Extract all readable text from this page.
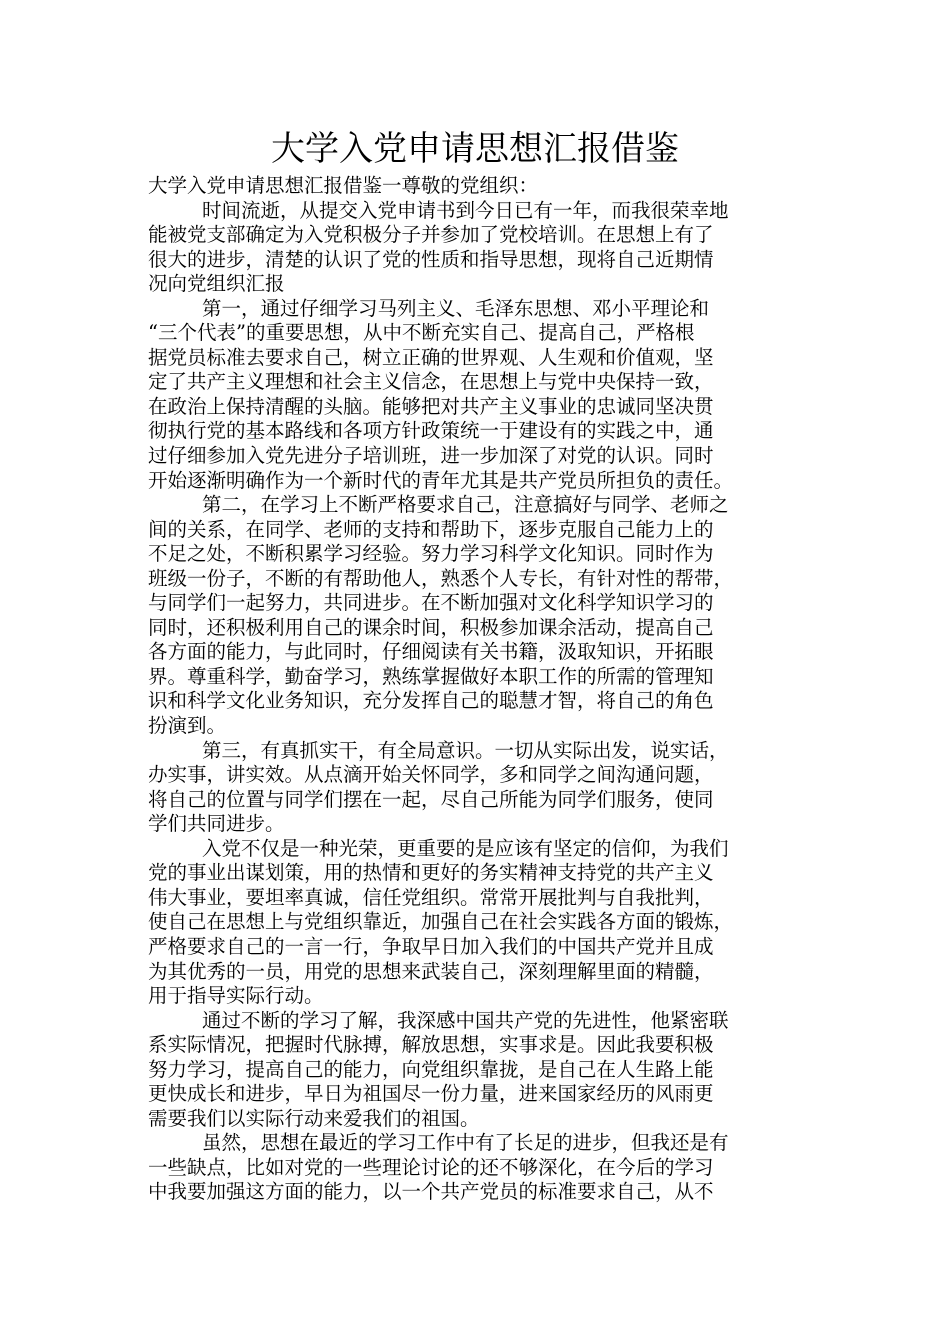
大学入党申请思想汇报借鉴
大学入党申请思想汇报借鉴一尊敬的党组织：
时间流逝，从提交入党申请书到今日已有一年，而我很荣幸地
能被党支部确定为入党积极分子并参加了党校培训。在思想上有了
很大的进步，清楚的认识了党的性质和指导思想，现将自己近期情
况向党组织汇报
第一，通过仔细学习马列主义、毛泽东思想、邓小平理论和
“三个代表”的重要思想，从中不断充实自己、提高自己，严格根
据党员标准去要求自己，树立正确的世界观、人生观和价值观，坚
定了共产主义理想和社会主义信念，在思想上与党中央保持一致，
在政治上保持清醒的头脑。能够把对共产主义事业的忠诚同坚决贯
彻执行党的基本路线和各项方针政策统一于建设有的实践之中，通
过仔细参加入党先进分子培训班，进一步加深了对党的认识。同时
开始逐渐明确作为一个新时代的青年尤其是共产党员所担负的责任。
第二，在学习上不断严格要求自己，注意搞好与同学、老师之
间的关系，在同学、老师的支持和帮助下，逐步克服自己能力上的
不足之处，不断积累学习经验。努力学习科学文化知识。同时作为
班级一份子，不断的有帮助他人，熟悉个人专长，有针对性的帮带，
与同学们一起努力，共同进步。在不断加强对文化科学知识学习的
同时，还积极利用自己的课余时间，积极参加课余活动，提高自己
各方面的能力，与此同时，仔细阅读有关书籍，汲取知识，开拓眼
界。尊重科学，勤奋学习，熟练掌握做好本职工作的所需的管理知
识和科学文化业务知识，充分发挥自己的聪慧才智，将自己的角色
扮演到。
第三，有真抓实干，有全局意识。一切从实际出发，说实话，
办实事，讲实效。从点滴开始关怀同学，多和同学之间沟通问题，
将自己的位置与同学们摆在一起，尽自己所能为同学们服务，使同
学们共同进步。
入党不仅是一种光荣，更重要的是应该有坚定的信仰，为我们
党的事业出谋划策，用的热情和更好的务实精神支持党的共产主义
伟大事业，要坦率真诚，信任党组织。常常开展批判与自我批判，
使自己在思想上与党组织靠近，加强自己在社会实践各方面的锻炼，
严格要求自己的一言一行，争取早日加入我们的中国共产党并且成
为其优秀的一员，用党的思想来武装自己，深刻理解里面的精髓，
用于指导实际行动。
通过不断的学习了解，我深感中国共产党的先进性，他紧密联
系实际情况，把握时代脉搏，解放思想，实事求是。因此我要积极
努力学习，提高自己的能力，向党组织靠拢，是自己在人生路上能
更快成长和进步，早日为祖国尽一份力量，进来国家经历的风雨更
需要我们以实际行动来爱我们的祖国。
虽然，思想在最近的学习工作中有了长足的进步，但我还是有
一些缺点，比如对党的一些理论讨论的还不够深化，在今后的学习
中我要加强这方面的能力，以一个共产党员的标准要求自己，从不
